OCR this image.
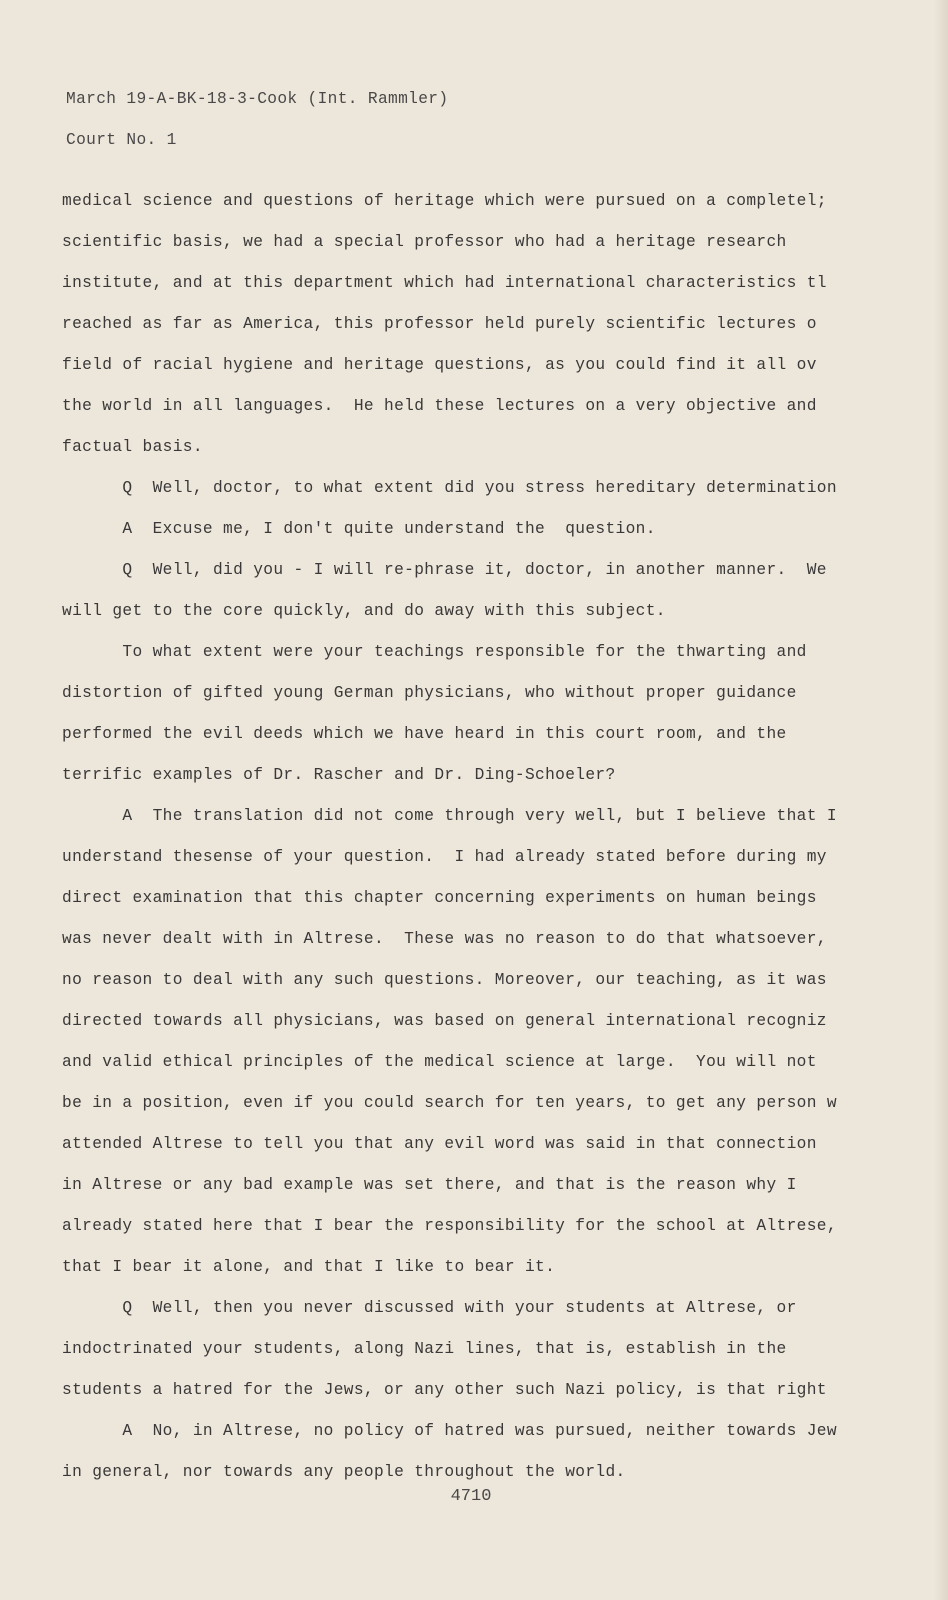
March 19-A-BK-18-3-Cook (Int. Rammler)
Court No. 1
medical science and questions of heritage which were pursued on a completel;
scientific basis, we had a special professor who had a heritage research
institute, and at this department which had international characteristics tl
reached as far as America, this professor held purely scientific lectures o
field of racial hygiene and heritage questions, as you could find it all ov
the world in all languages.  He held these lectures on a very objective and
factual basis.
Q  Well, doctor, to what extent did you stress hereditary determination
A  Excuse me, I don't quite understand the  question.
Q  Well, did you - I will re-phrase it, doctor, in another manner.  We
will get to the core quickly, and do away with this subject.
To what extent were your teachings responsible for the thwarting and
distortion of gifted young German physicians, who without proper guidance
performed the evil deeds which we have heard in this court room, and the
terrific examples of Dr. Rascher and Dr. Ding-Schoeler?
A  The translation did not come through very well, but I believe that I
understand thesense of your question.  I had already stated before during my
direct examination that this chapter concerning experiments on human beings
was never dealt with in Altrese.  These was no reason to do that whatsoever,
no reason to deal with any such questions. Moreover, our teaching, as it was
directed towards all physicians, was based on general international recogniz
and valid ethical principles of the medical science at large.  You will not
be in a position, even if you could search for ten years, to get any person w
attended Altrese to tell you that any evil word was said in that connection
in Altrese or any bad example was set there, and that is the reason why I
already stated here that I bear the responsibility for the school at Altrese,
that I bear it alone, and that I like to bear it.
Q  Well, then you never discussed with your students at Altrese, or
indoctrinated your students, along Nazi lines, that is, establish in the
students a hatred for the Jews, or any other such Nazi policy, is that right
A  No, in Altrese, no policy of hatred was pursued, neither towards Jew
in general, nor towards any people throughout the world.
4710
